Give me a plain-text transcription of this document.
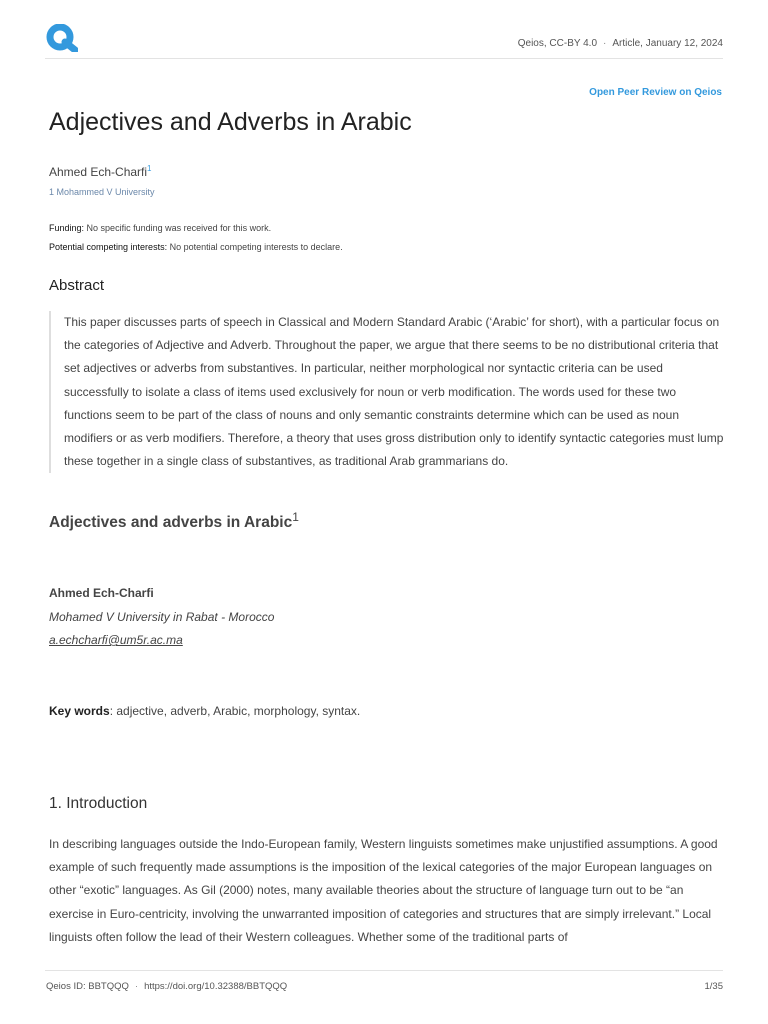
Qeios, CC-BY 4.0 · Article, January 12, 2024
Open Peer Review on Qeios
Adjectives and Adverbs in Arabic
Ahmed Ech-Charfi$^1$
1 Mohammed V University
Funding: No specific funding was received for this work.
Potential competing interests: No potential competing interests to declare.
Abstract

This paper discusses parts of speech in Classical and Modern Standard Arabic (‘Arabic’ for short), with a particular focus on the categories of Adjective and Adverb. Throughout the paper, we argue that there seems to be no distributional criteria that set adjectives or adverbs from substantives. In particular, neither morphological nor syntactic criteria can be used successfully to isolate a class of items used exclusively for noun or verb modification. The words used for these two functions seem to be part of the class of nouns and only semantic constraints determine which can be used as noun modifiers or as verb modifiers. Therefore, a theory that uses gross distribution only to identify syntactic categories must lump these together in a single class of substantives, as traditional Arab grammarians do.

Adjectives and adverbs in Arabic$^1$
Ahmed Ech-Charfi
Mohamed V University in Rabat - Morocco
a.echcharfi@um5r.ac.ma
Key words: adjective, adverb, Arabic, morphology, syntax.
1. Introduction

In describing languages outside the Indo-European family, Western linguists sometimes make unjustified assumptions. A good example of such frequently made assumptions is the imposition of the lexical categories of the major European languages on other “exotic” languages. As Gil (2000) notes, many available theories about the structure of language turn out to be “an exercise in Euro-centricity, involving the unwarranted imposition of categories and structures that are simply irrelevant.” Local linguists often follow the lead of their Western colleagues. Whether some of the traditional parts of

Qeios ID: BBTQQQ · https://doi.org/10.32388/BBTQQQ	1/35
